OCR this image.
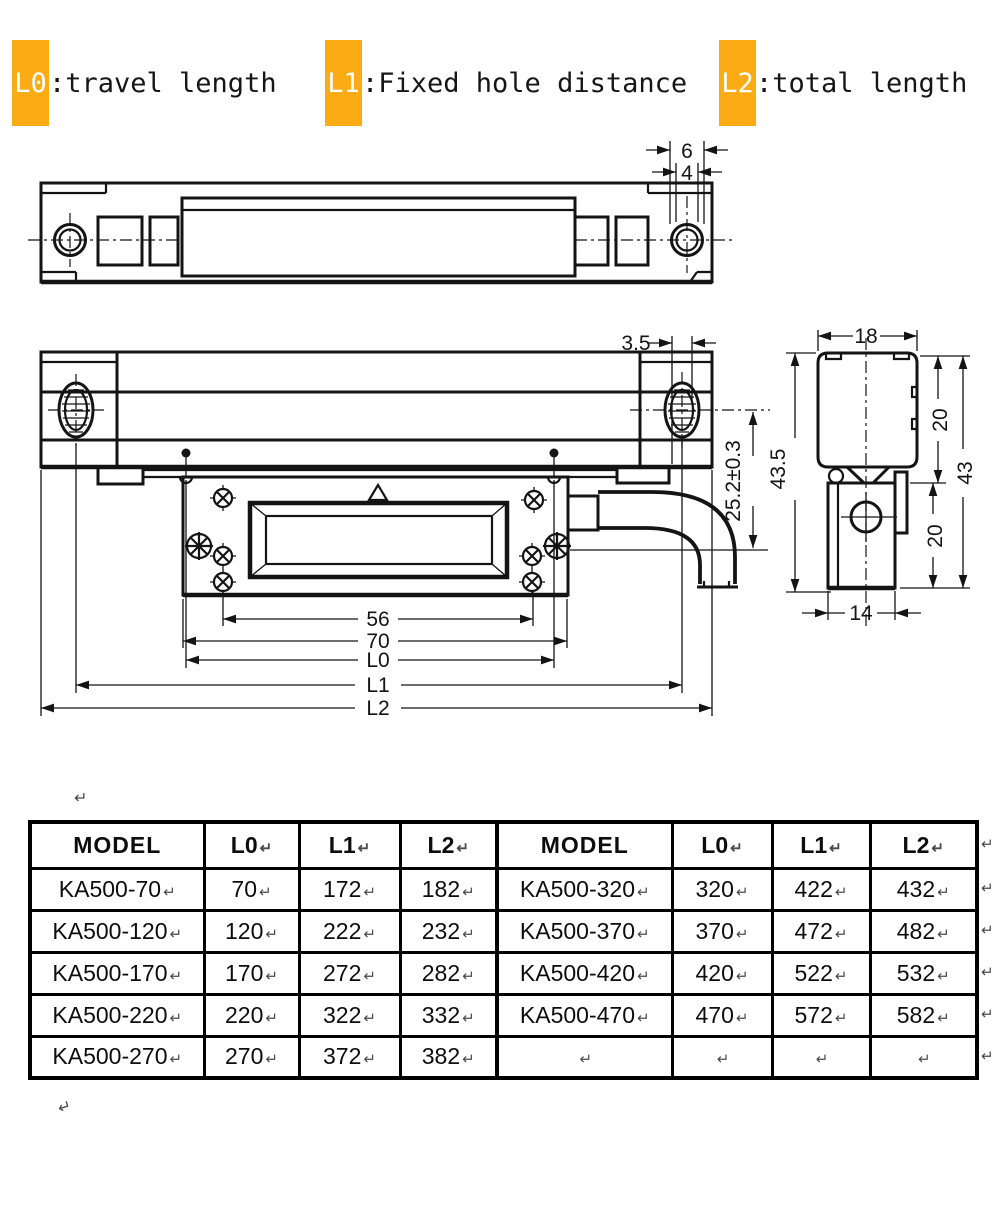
L0 :travel length L1 :Fixed hole distance L2 :total length
6
4
3.5
25.2±0.3
56
70
L0
L1
L2
18
43.5
20
43
20
14
↵
MODEL	L0 ↵	L1 ↵	L2 ↵	MODEL	L0 ↵	L1 ↵	L2 ↵
KA500-70 ↵	70 ↵	172 ↵	182 ↵	KA500-320 ↵	320 ↵	422 ↵	432 ↵
KA500-120 ↵	120 ↵	222 ↵	232 ↵	KA500-370 ↵	370 ↵	472 ↵	482 ↵
KA500-170 ↵	170 ↵	272 ↵	282 ↵	KA500-420 ↵	420 ↵	522 ↵	532 ↵
KA500-220 ↵	220 ↵	322 ↵	332 ↵	KA500-470 ↵	470 ↵	572 ↵	582 ↵
KA500-270 ↵	270 ↵	372 ↵	382 ↵	↵	↵	↵	↵
↵
↵
↵
↵
↵
↵
↵
